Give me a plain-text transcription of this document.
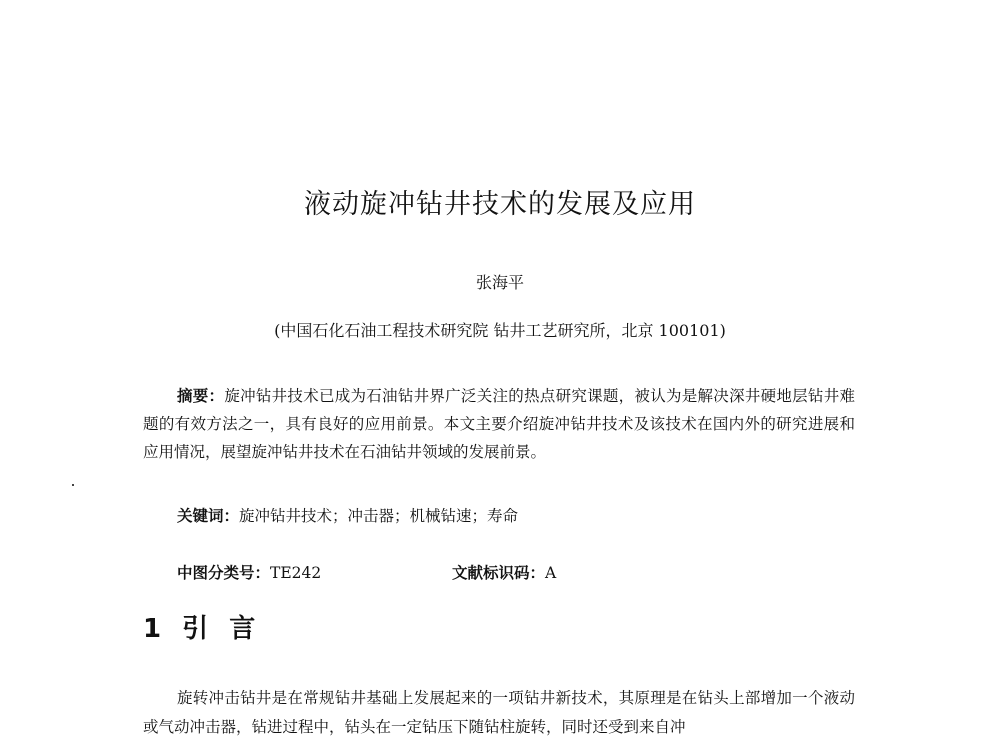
液动旋冲钻井技术的发展及应用
张海平
(中国石化石油工程技术研究院 钻井工艺研究所，北京 100101)
摘要：旋冲钻井技术已成为石油钻井界广泛关注的热点研究课题，被认为是解决深井硬地层钻井难题的有效方法之一，具有良好的应用前景。本文主要介绍旋冲钻井技术及该技术在国内外的研究进展和应用情况，展望旋冲钻井技术在石油钻井领域的发展前景。
关键词：旋冲钻井技术；冲击器；机械钻速；寿命
中图分类号：TE242	文献标识码：A
1 引 言
旋转冲击钻井是在常规钻井基础上发展起来的一项钻井新技术，其原理是在钻头上部增加一个液动或气动冲击器，钻进过程中，钻头在一定钻压下随钻柱旋转，同时还受到来自冲
